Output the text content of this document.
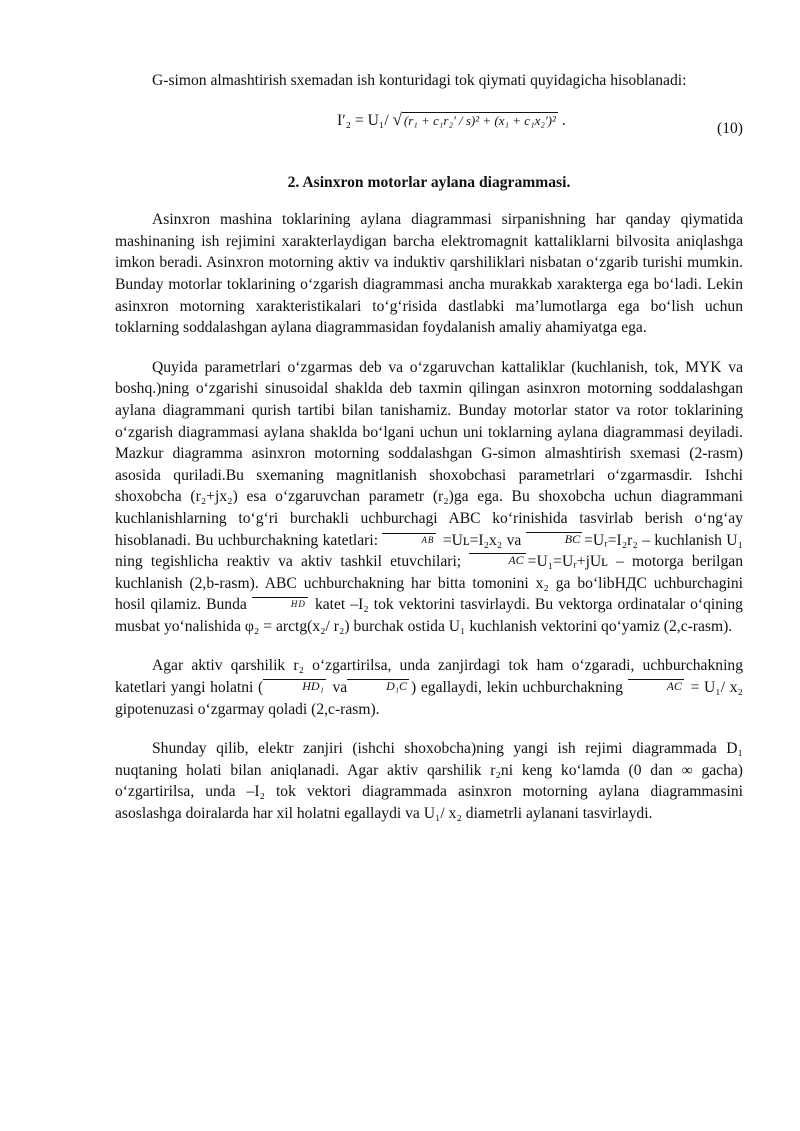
G-simon almashtirish sxemadan ish konturidagi tok qiymati quyidagicha hisoblanadi:

Iʹ₂ = U₁/ √ (r₁ + c₁r₂ʹ / s)² + (x₁ + c₁x₂ʹ)² .	(10)
2. Asinxron motorlar aylana diagrammasi.

Asinxron mashina toklarining aylana diagrammasi sirpanishning har qanday qiymatida mashinaning ish rejimini xarakterlaydigan barcha elektromagnit kattaliklarni bilvosita aniqlashga imkon beradi. Asinxron motorning aktiv va induktiv qarshiliklari nisbatan o‘zgarib turishi mumkin. Bunday motorlar toklarining o‘zgarish diagrammasi ancha murakkab xarakterga ega bo‘ladi. Lekin asinxron motorning xarakteristikalari to‘g‘risida dastlabki ma’lumotlarga ega bo‘lish uchun toklarning soddalashgan aylana diagrammasidan foydalanish amaliy ahamiyatga ega.

Quyida parametrlari o‘zgarmas deb va o‘zgaruvchan kattaliklar (kuchlanish, tok, MYK va boshq.)ning o‘zgarishi sinusoidal shaklda deb taxmin qilingan asinxron motorning soddalashgan aylana diagrammani qurish tartibi bilan tanishamiz. Bunday motorlar stator va rotor toklarining o‘zgarish diagrammasi aylana shaklda bo‘lgani uchun uni toklarning aylana diagrammasi deyiladi. Mazkur diagramma asinxron motorning soddalashgan G-simon almashtirish sxemasi (2-rasm) asosida quriladi.Bu sxemaning magnitlanish shoxobchasi parametrlari o‘zgarmasdir. Ishchi shoxobcha (r₂+jx₂) esa o‘zgaruvchan parametr (r₂)ga ega. Bu shoxobcha uchun diagrammani kuchlanishlarning to‘g‘ri burchakli uchburchagi ABC ko‘rinishida tasvirlab berish o‘ng‘ay hisoblanadi. Bu uchburchakning katetlari:	AB =Uʟ=I₂x₂ va	BC =Uᵣ=I₂r₂ – kuchlanish U₁ ning tegishlicha reaktiv va aktiv tashkil etuvchilari;	AC =U₁=Uᵣ+jUʟ – motorga berilgan kuchlanish (2,b-rasm). ABC uchburchakning har bitta tomonini x₂ ga bo‘libНДС uchburchagini hosil qilamiz. Bunda	HD katet –I₂ tok vektorini tasvirlaydi. Bu vektorga ordinatalar o‘qining musbat yo‘nalishida φ₂ = arctg(x₂/ r₂) burchak ostida U₁ kuchlanish vektorini qo‘yamiz (2,c-rasm).

Agar aktiv qarshilik r₂ o‘zgartirilsa, unda zanjirdagi tok ham o‘zgaradi, uchburchakning katetlari yangi holatni (	HD₁ va	D₁C ) egallaydi, lekin uchburchakning	AC = U₁/ x₂ gipotenuzasi o‘zgarmay qoladi (2,c-rasm).

Shunday qilib, elektr zanjiri (ishchi shoxobcha)ning yangi ish rejimi diagrammada D₁ nuqtaning holati bilan aniqlanadi. Agar aktiv qarshilik r₂ni keng ko‘lamda (0 dan ∞ gacha) o‘zgartirilsa, unda –I₂ tok vektori diagrammada asinxron motorning aylana diagrammasini asoslashga doiralarda har xil holatni egallaydi va U₁/ x₂ diametrli aylanani tasvirlaydi.
